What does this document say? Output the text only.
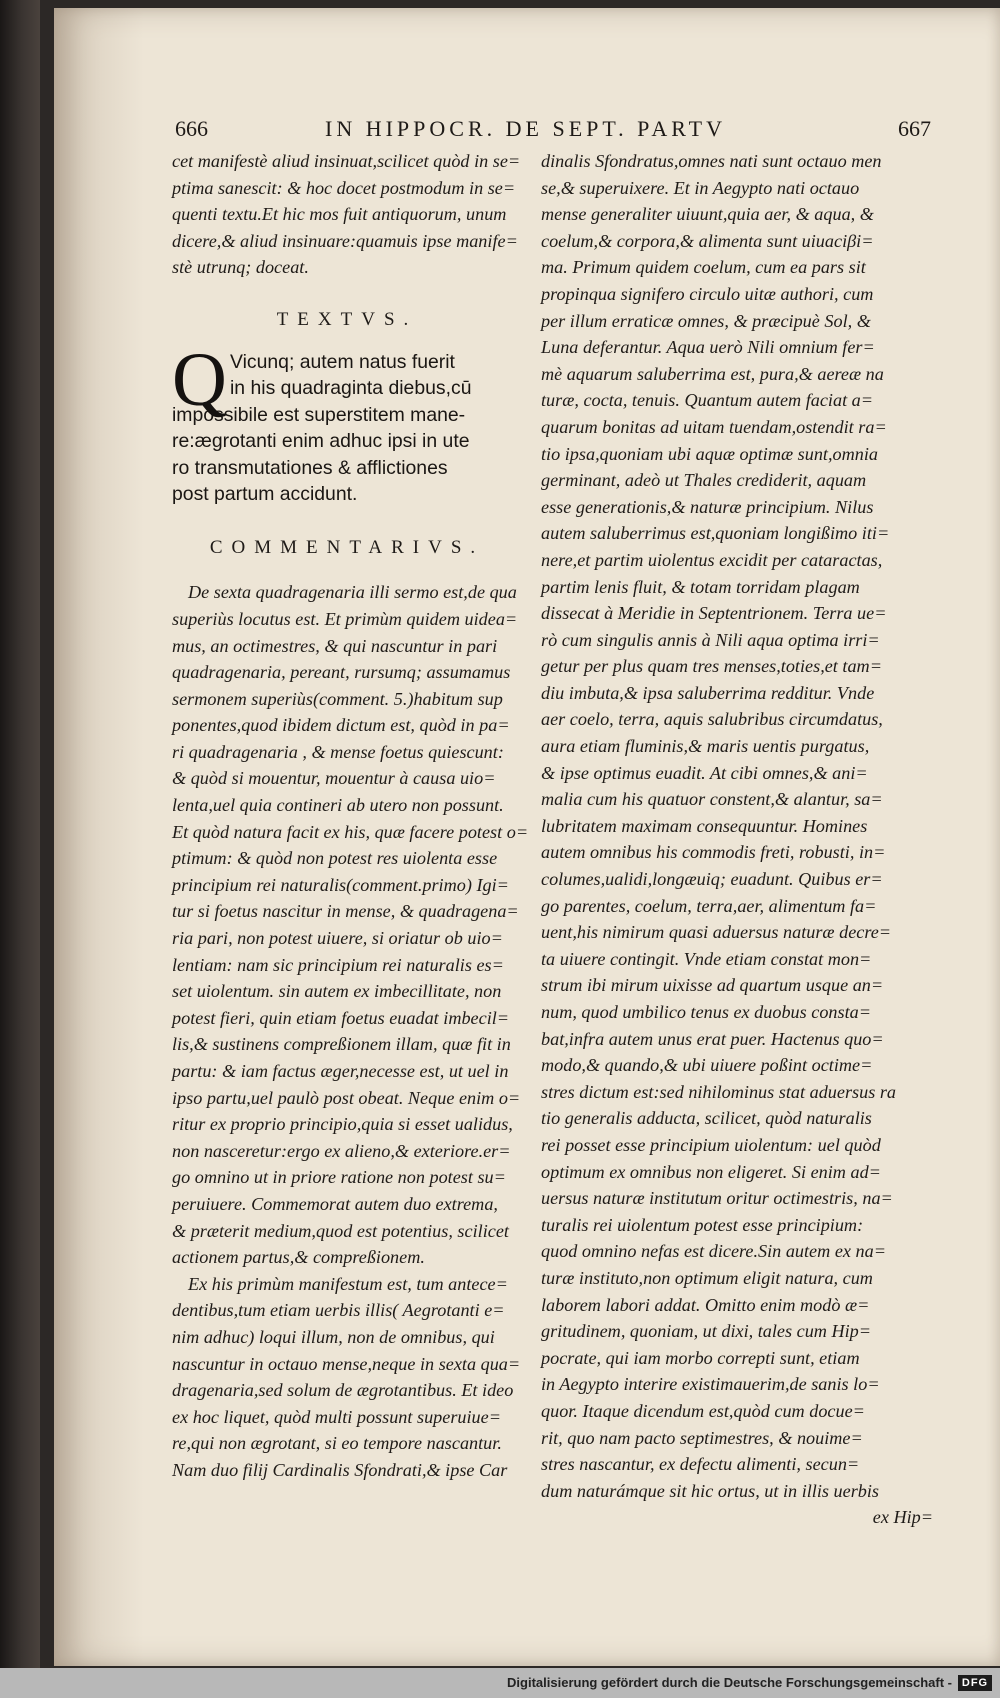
666	IN HIPPOCR. DE SEPT. PARTV	667
cet manifestè aliud insinuat,scilicet quòd in se=
ptima sanescit: & hoc docet postmodum in se=
quenti textu.Et hic mos fuit antiquorum, unum
dicere,& aliud insinuare:quamuis ipse manife=
stè utrunq; doceat.
TEXTVS.
Q Vicunq; autem natus fuerit
in his quadraginta diebus,cū
impossibile est superstitem mane-
re:ægrotanti enim adhuc ipsi in ute
ro transmutationes & afflictiones
post partum accidunt.
COMMENTARIVS.
De sexta quadragenaria illi sermo est,de qua
superiùs locutus est. Et primùm quidem uidea=
mus, an octimestres, & qui nascuntur in pari
quadragenaria, pereant, rursumq; assumamus
sermonem superiùs(comment. 5.)habitum sup
ponentes,quod ibidem dictum est, quòd in pa=
ri quadragenaria , & mense foetus quiescunt:
& quòd si mouentur, mouentur à causa uio=
lenta,uel quia contineri ab utero non possunt.
Et quòd natura facit ex his, quæ facere potest o=
ptimum: & quòd non potest res uiolenta esse
principium rei naturalis(comment.primo) Igi=
tur si foetus nascitur in mense, & quadragena=
ria pari, non potest uiuere, si oriatur ob uio=
lentiam: nam sic principium rei naturalis es=
set uiolentum. sin autem ex imbecillitate, non
potest fieri, quin etiam foetus euadat imbecil=
lis,& sustinens compreßionem illam, quæ fit in
partu: & iam factus æger,necesse est, ut uel in
ipso partu,uel paulò post obeat. Neque enim o=
ritur ex proprio principio,quia si esset ualidus,
non nasceretur:ergo ex alieno,& exteriore.er=
go omnino ut in priore ratione non potest su=
peruiuere. Commemorat autem duo extrema,
& præterit medium,quod est potentius, scilicet
actionem partus,& compreßionem.
Ex his primùm manifestum est, tum antece=
dentibus,tum etiam uerbis illis( Aegrotanti e=
nim adhuc) loqui illum, non de omnibus, qui
nascuntur in octauo mense,neque in sexta qua=
dragenaria,sed solum de ægrotantibus. Et ideo
ex hoc liquet, quòd multi possunt superuiue=
re,qui non ægrotant, si eo tempore nascantur.
Nam duo filij Cardinalis Sfondrati,& ipse Car
dinalis Sfondratus,omnes nati sunt octauo men
se,& superuixere. Et in Aegypto nati octauo
mense generaliter uiuunt,quia aer, & aqua, &
coelum,& corpora,& alimenta sunt uiuaciβi=
ma. Primum quidem coelum, cum ea pars sit
propinqua signifero circulo uitæ authori, cum
per illum erraticæ omnes, & præcipuè Sol, &
Luna deferantur. Aqua uerò Nili omnium fer=
mè aquarum saluberrima est, pura,& aereæ na
turæ, cocta, tenuis. Quantum autem faciat a=
quarum bonitas ad uitam tuendam,ostendit ra=
tio ipsa,quoniam ubi aquæ optimæ sunt,omnia
germinant, adeò ut Thales crediderit, aquam
esse generationis,& naturæ principium. Nilus
autem saluberrimus est,quoniam longißimo iti=
nere,et partim uiolentus excidit per cataractas,
partim lenis fluit, & totam torridam plagam
dissecat à Meridie in Septentrionem. Terra ue=
rò cum singulis annis à Nili aqua optima irri=
getur per plus quam tres menses,toties,et tam=
diu imbuta,& ipsa saluberrima redditur. Vnde
aer coelo, terra, aquis salubribus circumdatus,
aura etiam fluminis,& maris uentis purgatus,
& ipse optimus euadit. At cibi omnes,& ani=
malia cum his quatuor constent,& alantur, sa=
lubritatem maximam consequuntur. Homines
autem omnibus his commodis freti, robusti, in=
columes,ualidi,longæuiq; euadunt. Quibus er=
go parentes, coelum, terra,aer, alimentum fa=
uent,his nimirum quasi aduersus naturæ decre=
ta uiuere contingit. Vnde etiam constat mon=
strum ibi mirum uixisse ad quartum usque an=
num, quod umbilico tenus ex duobus consta=
bat,infra autem unus erat puer. Hactenus quo=
modo,& quando,& ubi uiuere poßint octime=
stres dictum est:sed nihilominus stat aduersus ra
tio generalis adducta, scilicet, quòd naturalis
rei posset esse principium uiolentum: uel quòd
optimum ex omnibus non eligeret. Si enim ad=
uersus naturæ institutum oritur octimestris, na=
turalis rei uiolentum potest esse principium:
quod omnino nefas est dicere.Sin autem ex na=
turæ instituto,non optimum eligit natura, cum
laborem labori addat. Omitto enim modò æ=
gritudinem, quoniam, ut dixi, tales cum Hip=
pocrate, qui iam morbo correpti sunt, etiam
in Aegypto interire existimauerim,de sanis lo=
quor. Itaque dicendum est,quòd cum docue=
rit, quo nam pacto septimestres, & nouime=
stres nascantur, ex defectu alimenti, secun=
dum naturámque sit hic ortus, ut in illis uerbis
ex Hip=
Digitalisierung gefördert durch die Deutsche Forschungsgemeinschaft - DFG
